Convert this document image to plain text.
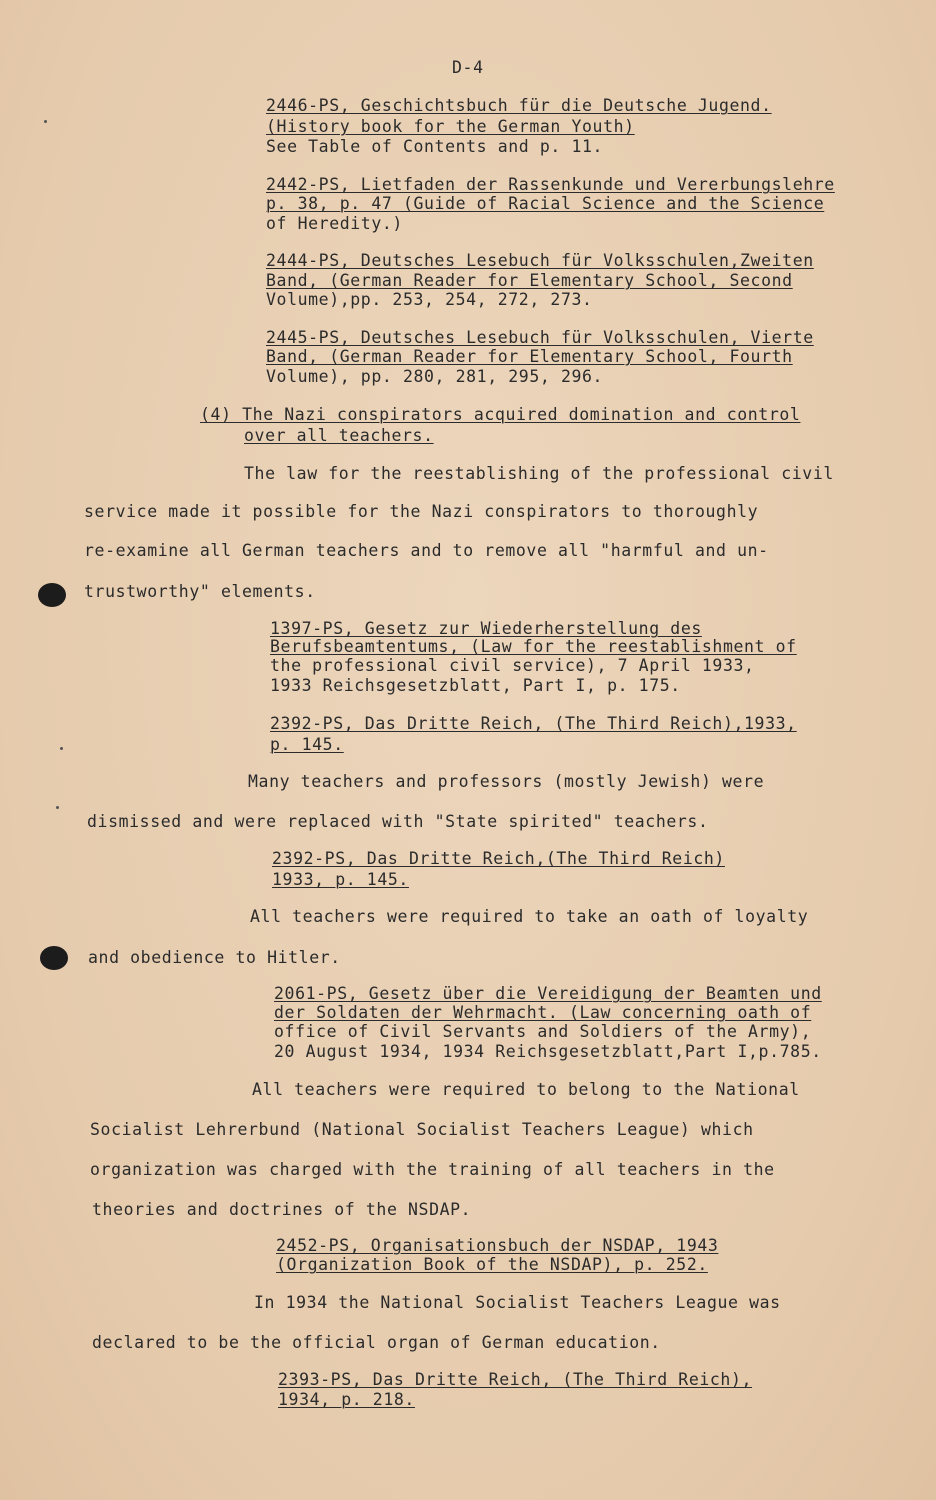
D-4
2446-PS, Geschichtsbuch für die Deutsche Jugend.
(History book for the German Youth)
See Table of Contents and p. 11.
2442-PS, Lietfaden der Rassenkunde und Vererbungslehre
p. 38, p. 47 (Guide of Racial Science and the Science
of Heredity.)
2444-PS, Deutsches Lesebuch für Volksschulen,Zweiten
Band, (German Reader for Elementary School, Second
Volume),pp. 253, 254, 272, 273.
2445-PS, Deutsches Lesebuch für Volksschulen, Vierte
Band, (German Reader for Elementary School, Fourth
Volume), pp. 280, 281, 295, 296.
(4) The Nazi conspirators acquired domination and control
over all teachers.
The law for the reestablishing of the professional civil
service made it possible for the Nazi conspirators to thoroughly
re-examine all German teachers and to remove all "harmful and un-
trustworthy" elements.
1397-PS, Gesetz zur Wiederherstellung des
Berufsbeamtentums, (Law for the reestablishment of
the professional civil service), 7 April 1933,
1933 Reichsgesetzblatt, Part I, p. 175.
2392-PS, Das Dritte Reich, (The Third Reich),1933,
p. 145.
Many teachers and professors (mostly Jewish) were
dismissed and were replaced with "State spirited" teachers.
2392-PS, Das Dritte Reich,(The Third Reich)
1933, p. 145.
All teachers were required to take an oath of loyalty
and obedience to Hitler.
2061-PS, Gesetz über die Vereidigung der Beamten und
der Soldaten der Wehrmacht. (Law concerning oath of
office of Civil Servants and Soldiers of the Army),
20 August 1934, 1934 Reichsgesetzblatt,Part I,p.785.
All teachers were required to belong to the National
Socialist Lehrerbund (National Socialist Teachers League) which
organization was charged with the training of all teachers in the
theories and doctrines of the NSDAP.
2452-PS, Organisationsbuch der NSDAP, 1943
(Organization Book of the NSDAP), p. 252.
In 1934 the National Socialist Teachers League was
declared to be the official organ of German education.
2393-PS, Das Dritte Reich, (The Third Reich),
1934, p. 218.
